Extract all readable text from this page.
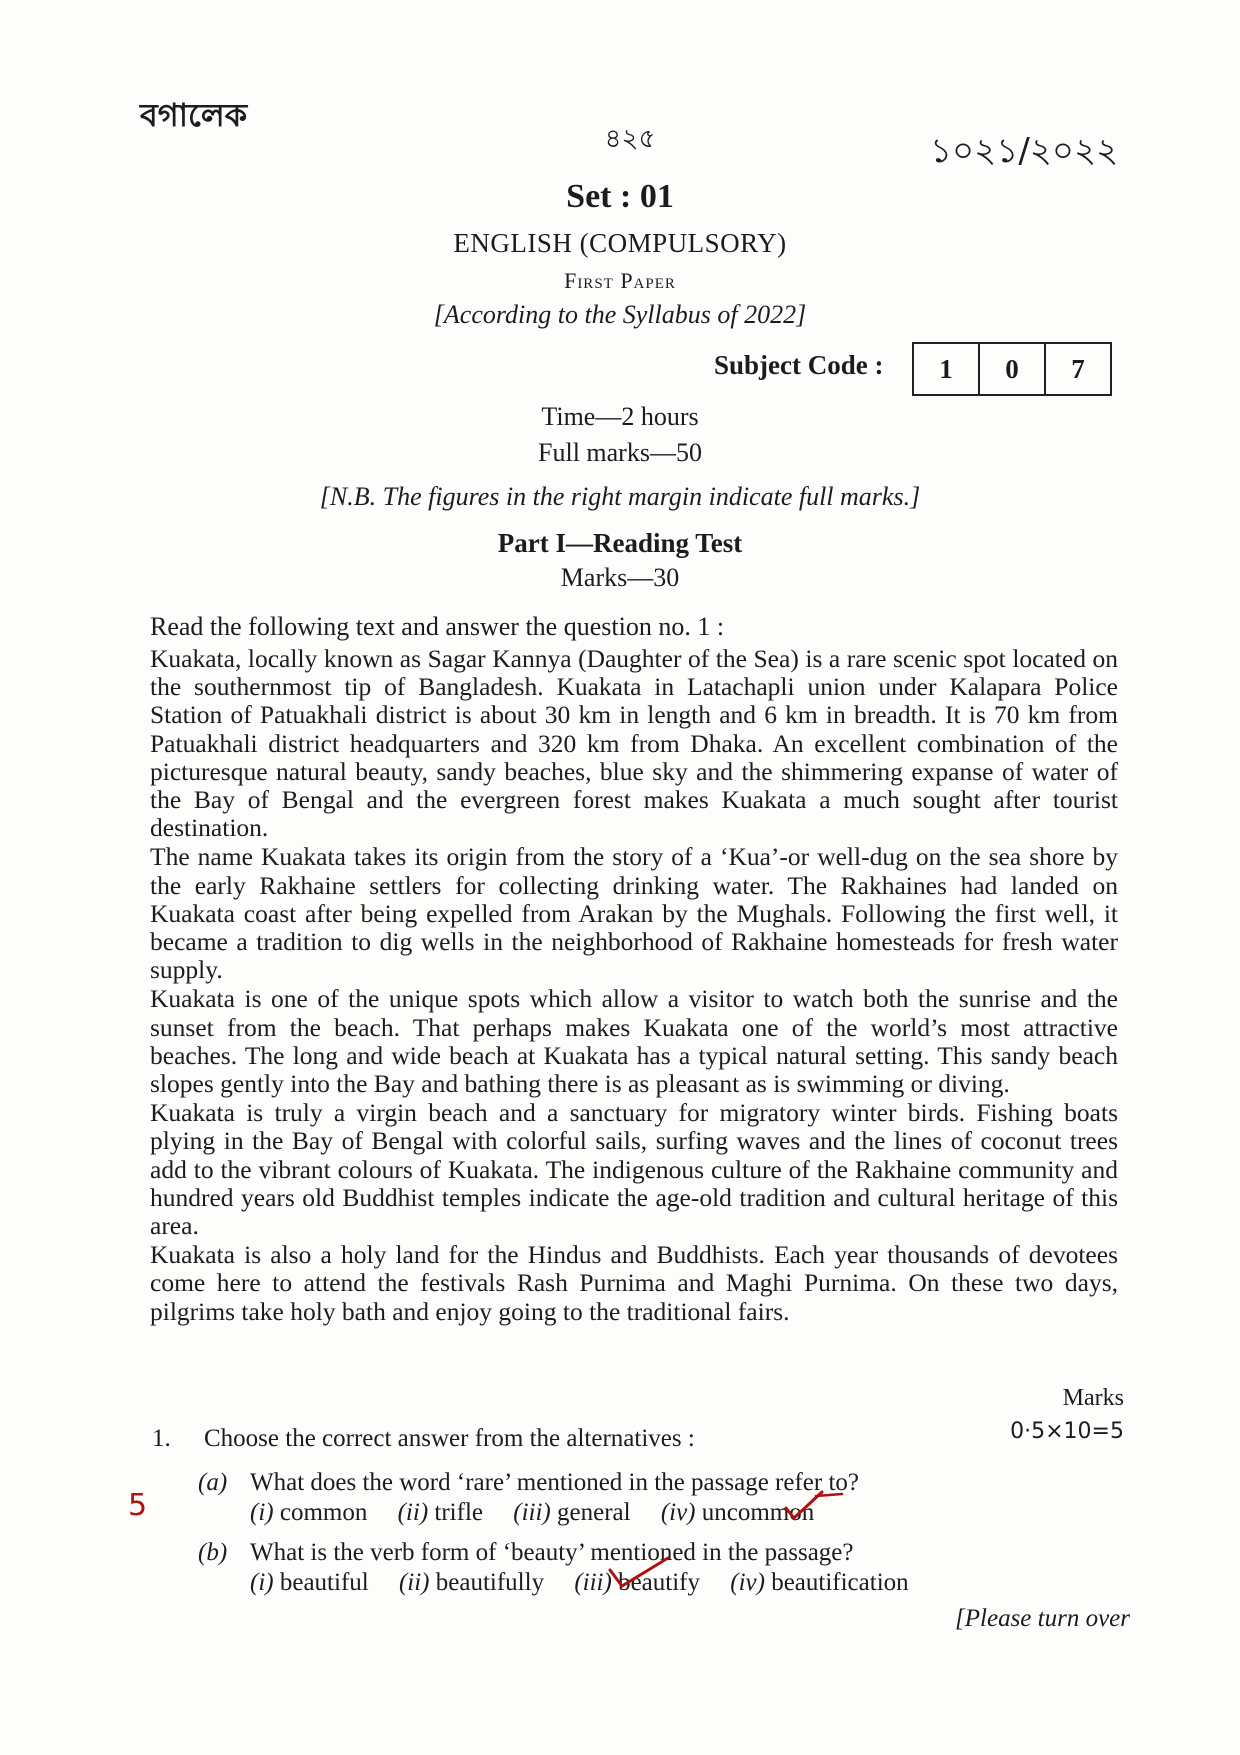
বগালেক
৪২৫	১০২১/২০২২
Set : 01
ENGLISH (COMPULSORY)
First Paper
[According to the Syllabus of 2022]
Subject Code :	1	0	7
Time—2 hours
Full marks—50
[N.B. The figures in the right margin indicate full marks.]
Part I—Reading Test
Marks—30
Read the following text and answer the question no. 1 :

Kuakata, locally known as Sagar Kannya (Daughter of the Sea) is a rare scenic spot located on the southernmost tip of Bangladesh. Kuakata in Latachapli union under Kalapara Police Station of Patuakhali district is about 30 km in length and 6 km in breadth. It is 70 km from Patuakhali district headquarters and 320 km from Dhaka. An excellent combination of the picturesque natural beauty, sandy beaches, blue sky and the shimmering expanse of water of the Bay of Bengal and the evergreen forest makes Kuakata a much sought after tourist destination.

The name Kuakata takes its origin from the story of a ‘Kua’-or well-dug on the sea shore by the early Rakhaine settlers for collecting drinking water. The Rakhaines had landed on Kuakata coast after being expelled from Arakan by the Mughals. Following the first well, it became a tradition to dig wells in the neighborhood of Rakhaine homesteads for fresh water supply.

Kuakata is one of the unique spots which allow a visitor to watch both the sunrise and the sunset from the beach. That perhaps makes Kuakata one of the world’s most attractive beaches. The long and wide beach at Kuakata has a typical natural setting. This sandy beach slopes gently into the Bay and bathing there is as pleasant as is swimming or diving.

Kuakata is truly a virgin beach and a sanctuary for migratory winter birds. Fishing boats plying in the Bay of Bengal with colorful sails, surfing waves and the lines of coconut trees add to the vibrant colours of Kuakata. The indigenous culture of the Rakhaine community and hundred years old Buddhist temples indicate the age-old tradition and cultural heritage of this area.

Kuakata is also a holy land for the Hindus and Buddhists. Each year thousands of devotees come here to attend the festivals Rash Purnima and Maghi Purnima. On these two days, pilgrims take holy bath and enjoy going to the traditional fairs.

Marks
0·5×10=5
1. Choose the correct answer from the alternatives :
5
(a) What does the word ‘rare’ mentioned in the passage refer to?
(i) common (ii) trifle (iii) general (iv) uncommon
(b) What is the verb form of ‘beauty’ mentioned in the passage?
(i) beautiful (ii) beautifully (iii) beautify (iv) beautification
[Please turn over
